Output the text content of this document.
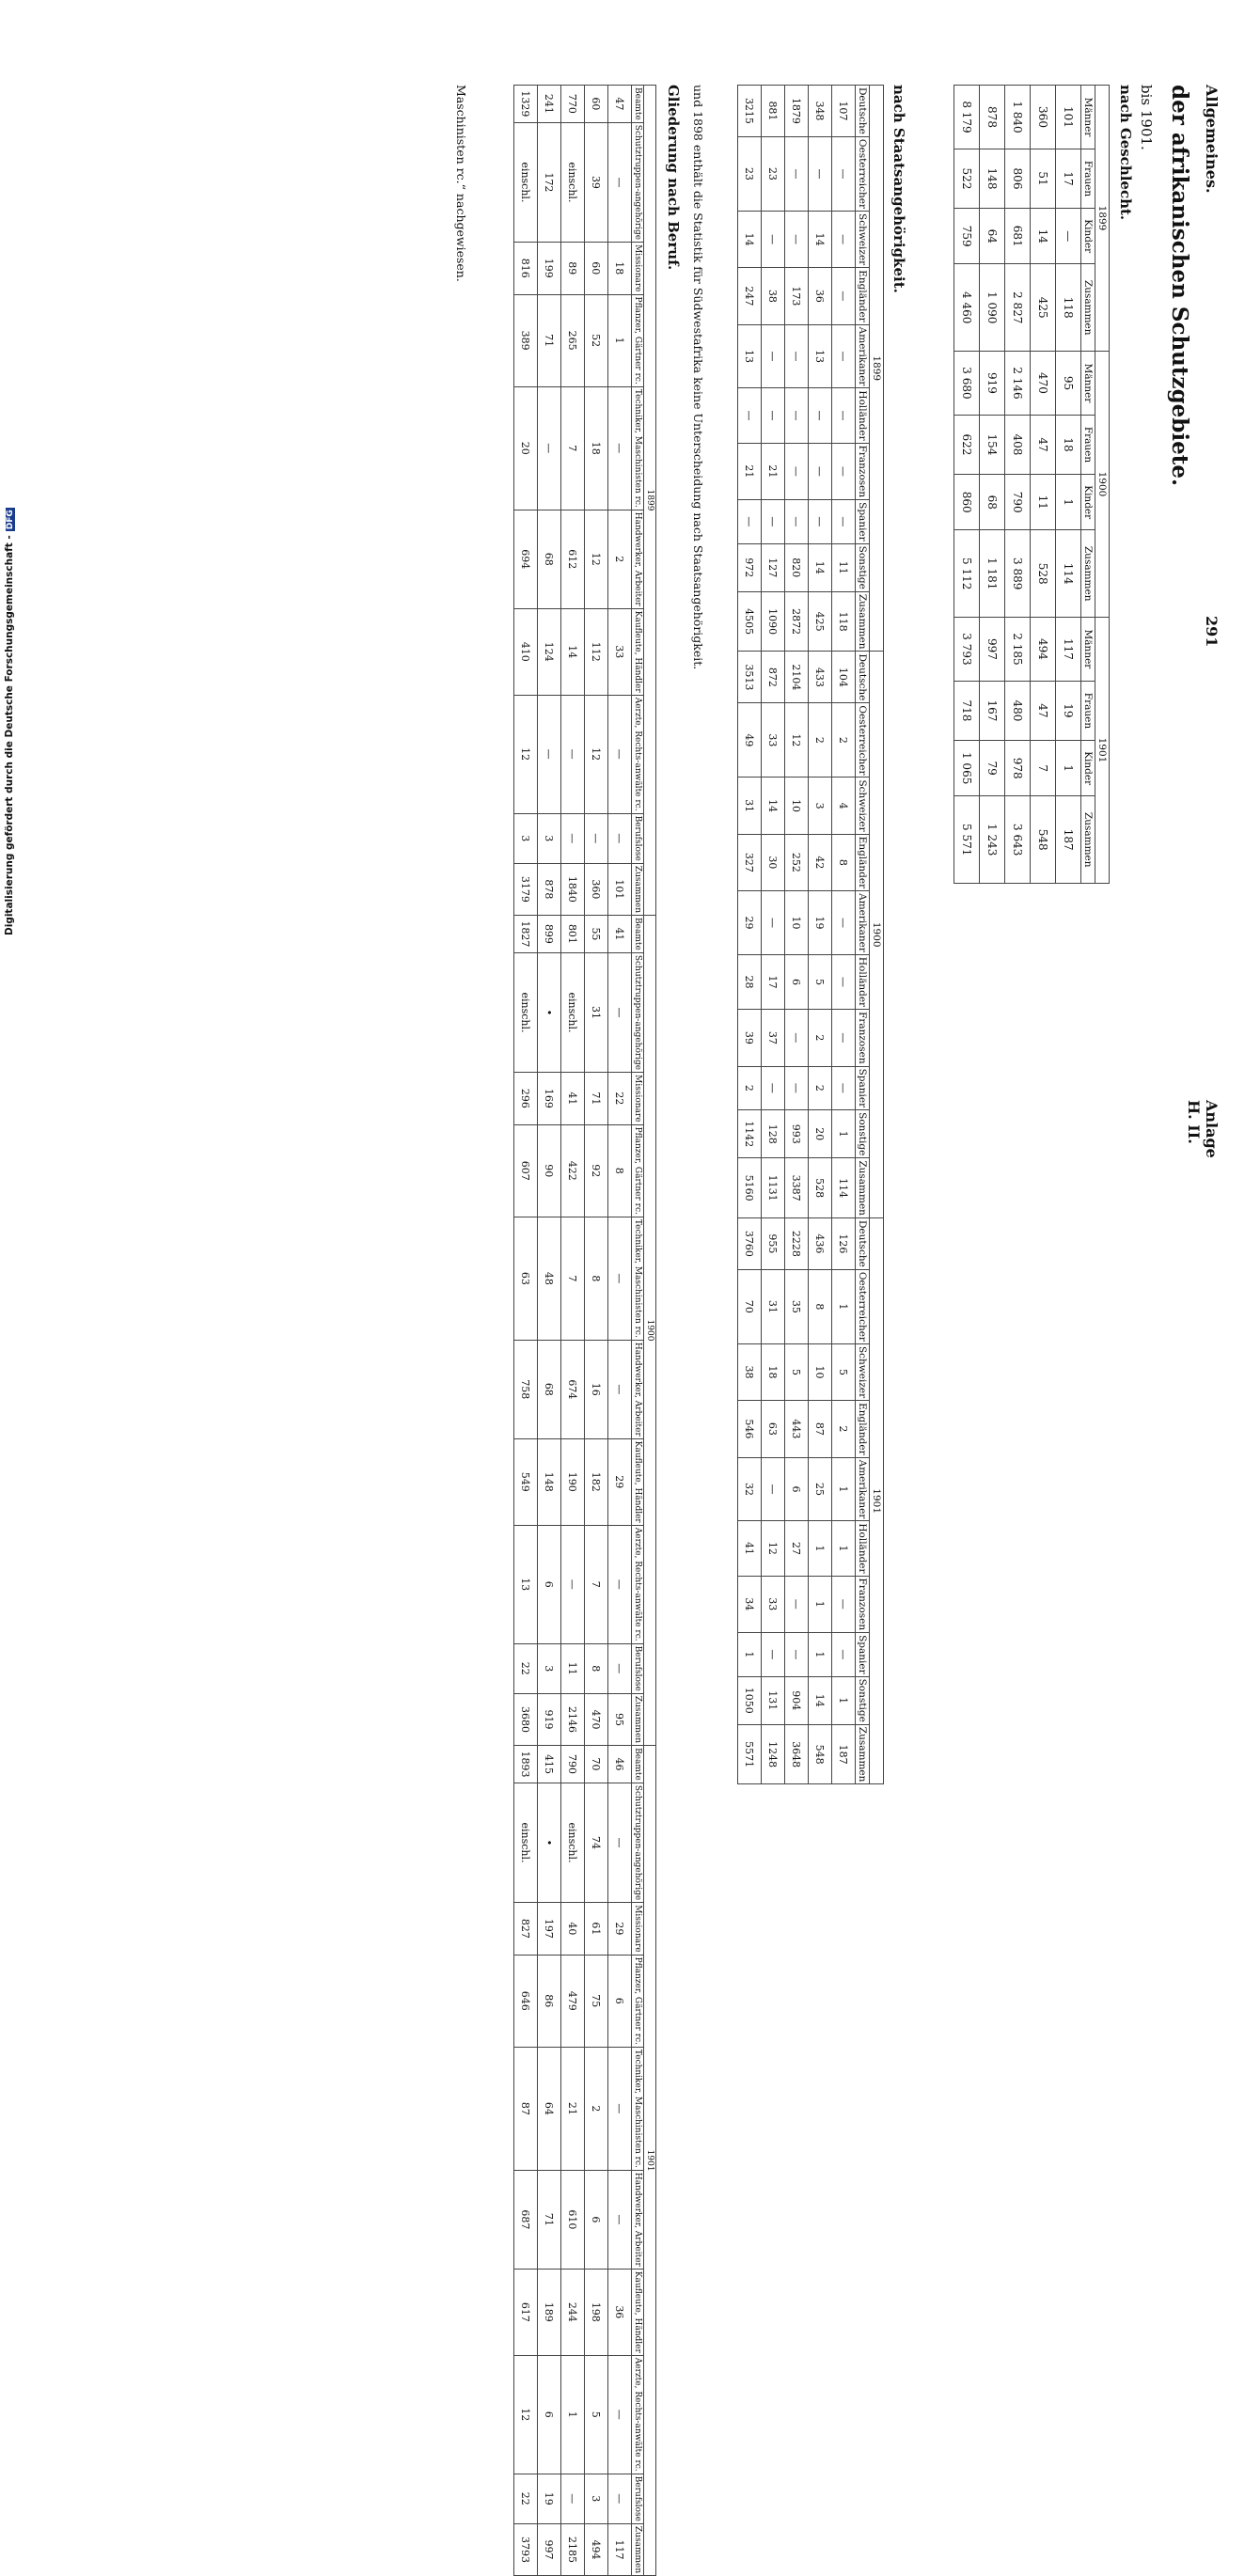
Allgemeines.
291
Anlage H. II.
der afrikanischen Schutzgebiete.
bis 1901.
nach Geschlecht.
1899				1900				1901			
Männer	Frauen	Kinder	Zusammen	Männer	Frauen	Kinder	Zusammen	Männer	Frauen	Kinder	Zusammen
101	17	—	118	95	18	1	114	117	19	1	187
360	51	14	425	470	47	11	528	494	47	7	548
1 840	806	681	2 827	2 146	408	790	3 889	2 185	480	978	3 643
878	148	64	1 090	919	154	68	1 181	997	167	79	1 243
8 179	522	759	4 460	3 680	622	860	5 112	3 793	718	1 065	5 571
nach Staatsangehörigkeit.
1899										1900										1901									
Deutsche	Oesterreicher	Schweizer	Engländer	Amerikaner	Holländer	Franzosen	Spanier	Sonstige	Zusammen	Deutsche	Oesterreicher	Schweizer	Engländer	Amerikaner	Holländer	Franzosen	Spanier	Sonstige	Zusammen	Deutsche	Oesterreicher	Schweizer	Engländer	Amerikaner	Holländer	Franzosen	Spanier	Sonstige	Zusammen
107	—	—	—	—	—	—	—	11	118	104	2	4	8	—	—	—	—	1	114	126	1	5	2	1	1	—	—	1	187
348	—	14	36	13	—	—	—	14	425	433	2	3	42	19	5	2	2	20	528	436	8	10	87	25	1	1	1	14	548
1879	—	—	173	—	—	—	—	820	2872	2104	12	10	252	10	6	—	—	993	3387	2228	35	5	443	6	27	—	—	904	3648
881	23	—	38	—	—	21	—	127	1090	872	33	14	30	—	17	37	—	128	1131	955	31	18	63	—	12	33	—	131	1248
3215	23	14	247	13	—	21	—	972	4505	3513	49	31	327	29	28	39	2	1142	5160	3760	70	38	546	32	41	34	1	1050	5571
und 1898 enthält die Statistik für Südwestafrika keine Unterscheidung nach Staatsangehörigkeit.
Gliederung nach Beruf.
1899										1900										1901									
Beamte	Schutztruppen-angehörige	Missionare	Pflanzer, Gärtner rc.	Techniker, Maschinisten rc.	Handwerker, Arbeiter	Kaufleute, Händler	Aerzte, Rechts-anwälte rc.	Berufslose	Zusammen	Beamte	Schutztruppen-angehörige	Missionare	Pflanzer, Gärtner rc.	Techniker, Maschinisten rc.	Handwerker, Arbeiter	Kaufleute, Händler	Aerzte, Rechts-anwälte rc.	Berufslose	Zusammen	Beamte	Schutztruppen-angehörige	Missionare	Pflanzer, Gärtner rc.	Techniker, Maschinisten rc.	Handwerker, Arbeiter	Kaufleute, Händler	Aerzte, Rechts-anwälte rc.	Berufslose	Zusammen
47	—	18	1	—	2	33	—	—	101	41	—	22	8	—	—	29	—	—	95	46	—	29	6	—	—	36	—	—	117
60	39	60	52	18	12	112	12	—	360	55	31	71	92	8	16	182	7	8	470	70	74	61	75	2	6	198	5	3	494
770	einschl.	89	265	7	612	14	—	—	1840	801	einschl.	41	422	7	674	190	—	11	2146	790	einschl.	40	479	21	610	244	1	—	2185
241	172	199	71	—	68	124	—	3	878	899	•	169	90	48	68	148	6	3	919	415	•	197	86	64	71	189	6	19	997
1329	einschl.	816	389	20	694	410	12	3	3179	1827	einschl.	296	607	63	758	549	13	22	3680	1893	einschl.	827	646	87	687	617	12	22	3793
Maschinisten rc.“ nachgewiesen.
Digitalisierung gefördert durch die Deutsche Forschungsgemeinschaft -DFG
